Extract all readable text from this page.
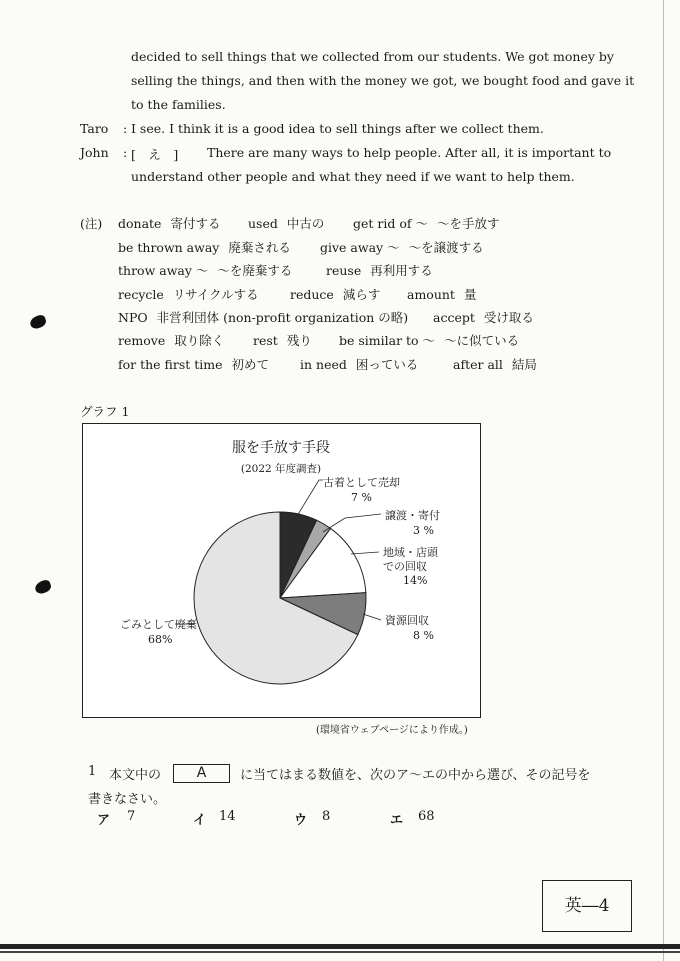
decided to sell things that we collected from our students. We got money by
selling the things, and then with the money we got, we bought food and gave it
to the families.
Taro : I see. I think it is a good idea to sell things after we collect them.
John : [　え　] There are many ways to help people. After all, it is important to
understand other people and what they need if we want to help them.
(注) donate 寄付する used 中古の get rid of ～ ～を手放す
be thrown away 廃棄される give away ～ ～を譲渡する
throw away ～ ～を廃棄する	reuse 再利用する
recycle リサイクルする	reduce 減らす amount 量
NPO 非営利団体 (non-profit organization の略) accept 受け取る
remove 取り除く rest 残り be similar to ～ ～に似ている
for the first time 初めて in need 困っている	after all 結局
グラフ 1
服を手放す手段
(2022 年度調査)
古着として売却
7 %
譲渡・寄付
3 %
地域・店頭
での回収
14%
資源回収
8 %
ごみとして廃棄
68%
(環境省ウェブページにより作成。)
1 本文中の	A	に当てはまる数値を、次のア～エの中から選び、その記号を
書きなさい。
ア 7	イ 14	ウ 8	エ 68
英―4
